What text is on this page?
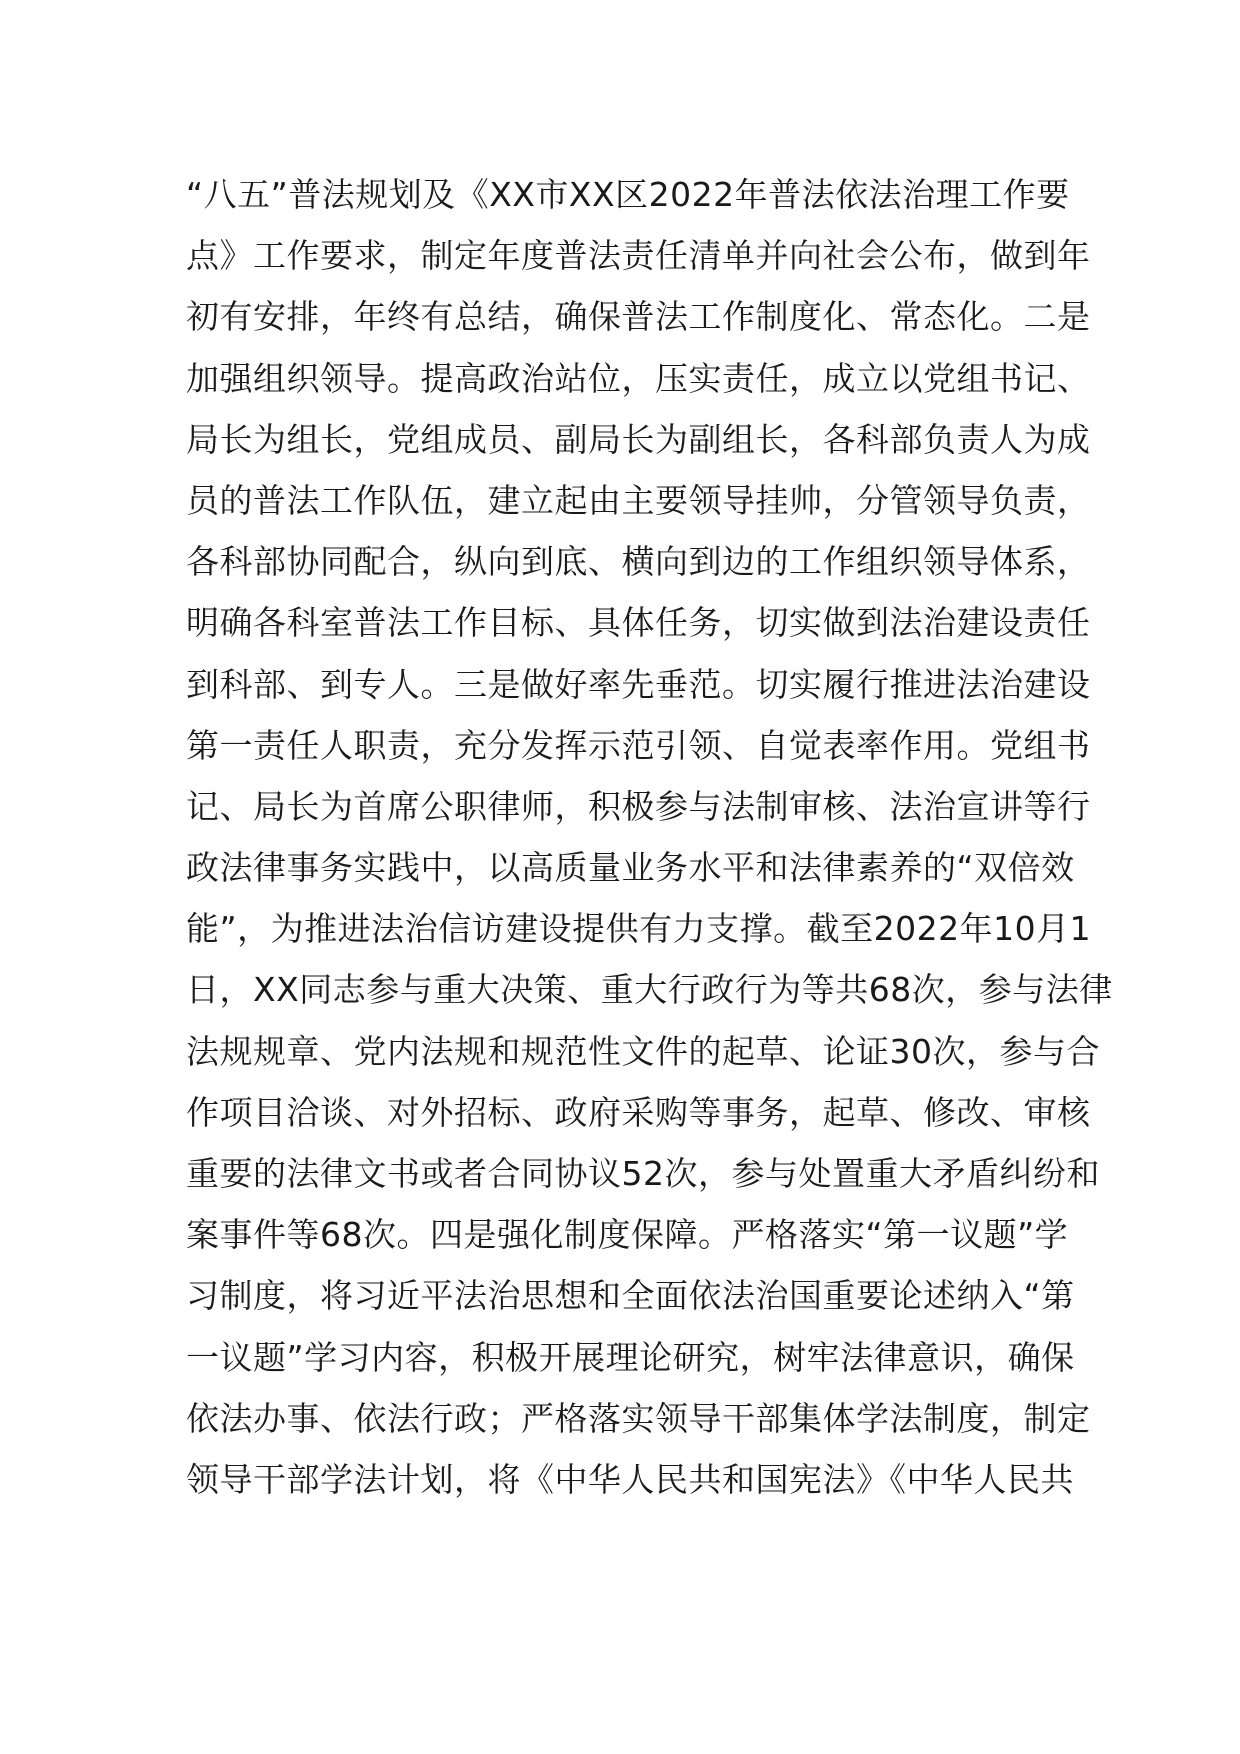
“八五”普法规划及《XX市XX区2022年普法依法治理工作要
点》工作要求，制定年度普法责任清单并向社会公布，做到年
初有安排，年终有总结，确保普法工作制度化、常态化。二是
加强组织领导。提高政治站位，压实责任，成立以党组书记、
局长为组长，党组成员、副局长为副组长，各科部负责人为成
员的普法工作队伍，建立起由主要领导挂帅，分管领导负责，
各科部协同配合，纵向到底、横向到边的工作组织领导体系，
明确各科室普法工作目标、具体任务，切实做到法治建设责任
到科部、到专人。三是做好率先垂范。切实履行推进法治建设
第一责任人职责，充分发挥示范引领、自觉表率作用。党组书
记、局长为首席公职律师，积极参与法制审核、法治宣讲等行
政法律事务实践中，以高质量业务水平和法律素养的“双倍效
能”，为推进法治信访建设提供有力支撑。截至2022年10月1
日，XX同志参与重大决策、重大行政行为等共68次，参与法律
法规规章、党内法规和规范性文件的起草、论证30次，参与合
作项目洽谈、对外招标、政府采购等事务，起草、修改、审核
重要的法律文书或者合同协议52次，参与处置重大矛盾纠纷和
案事件等68次。四是强化制度保障。严格落实“第一议题”学
习制度，将习近平法治思想和全面依法治国重要论述纳入“第
一议题”学习内容，积极开展理论研究，树牢法律意识，确保
依法办事、依法行政；严格落实领导干部集体学法制度，制定
领导干部学法计划，将《中华人民共和国宪法》《中华人民共
